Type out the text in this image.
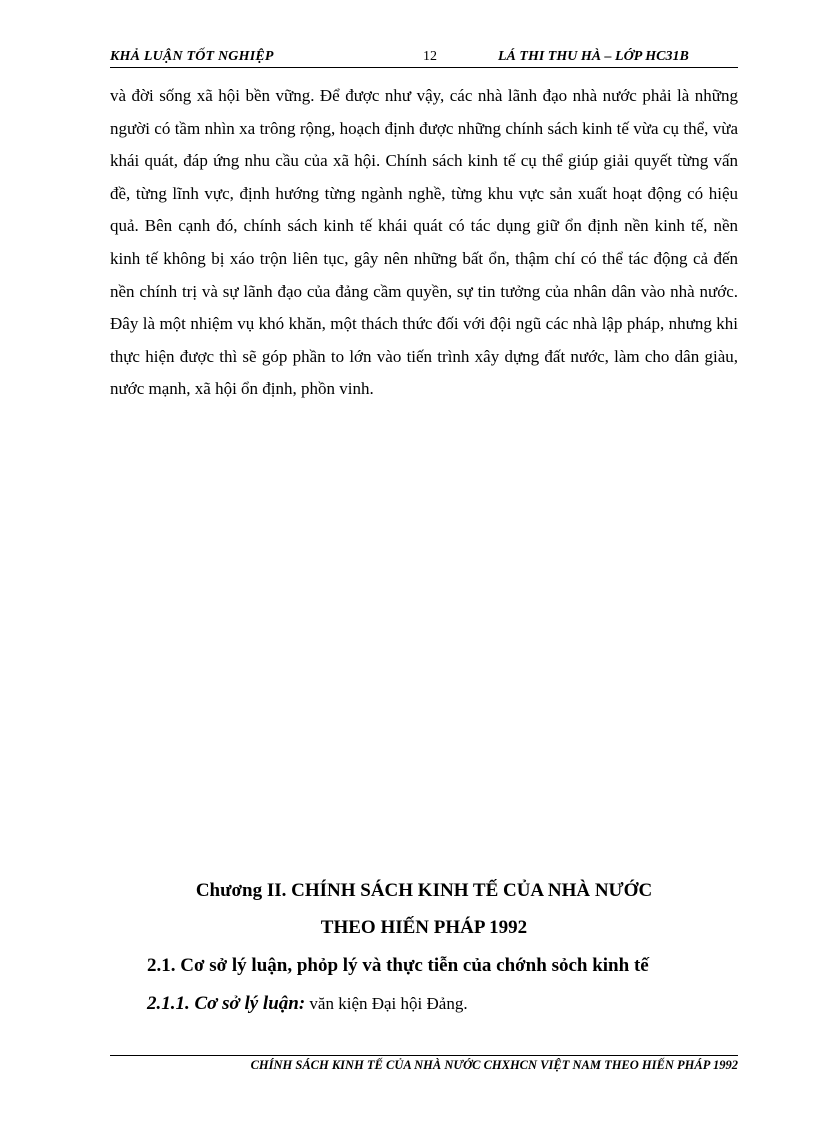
KHẢ LUẬN TỐT NGHIỆP	12	LÁ THI THU HÀ – LỚP HC31B

và đời sống xã hội bền vững. Để được như vậy, các nhà lãnh đạo nhà nước phải là những người có tầm nhìn xa trông rộng, hoạch định được những chính sách kinh tế vừa cụ thể, vừa khái quát, đáp ứng nhu cầu của xã hội. Chính sách kinh tế cụ thể giúp giải quyết từng vấn đề, từng lĩnh vực, định hướng từng ngành nghề, từng khu vực sản xuất hoạt động có hiệu quả. Bên cạnh đó, chính sách kinh tế khái quát có tác dụng giữ ổn định nền kinh tế, nền kinh tế không bị xáo trộn liên tục, gây nên những bất ổn, thậm chí có thể tác động cả đến nền chính trị và sự lãnh đạo của đảng cầm quyền, sự tin tưởng của nhân dân vào nhà nước. Đây là một nhiệm vụ khó khăn, một thách thức đối với đội ngũ các nhà lập pháp, nhưng khi thực hiện được thì sẽ góp phần to lớn vào tiến trình xây dựng đất nước, làm cho dân giàu, nước mạnh, xã hội ổn định, phồn vinh.

Chương II. CHÍNH SÁCH KINH TẾ CỦA NHÀ NƯỚC

THEO HIẾN PHÁP 1992

2.1. Cơ sở lý luận, phỏp lý và thực tiễn của chớnh sỏch kinh tế

2.1.1. Cơ sở lý luận: văn kiện Đại hội Đảng.

CHÍNH SÁCH KINH TẾ CỦA NHÀ NƯỚC CHXHCN VIỆT NAM THEO HIẾN PHÁP 1992
